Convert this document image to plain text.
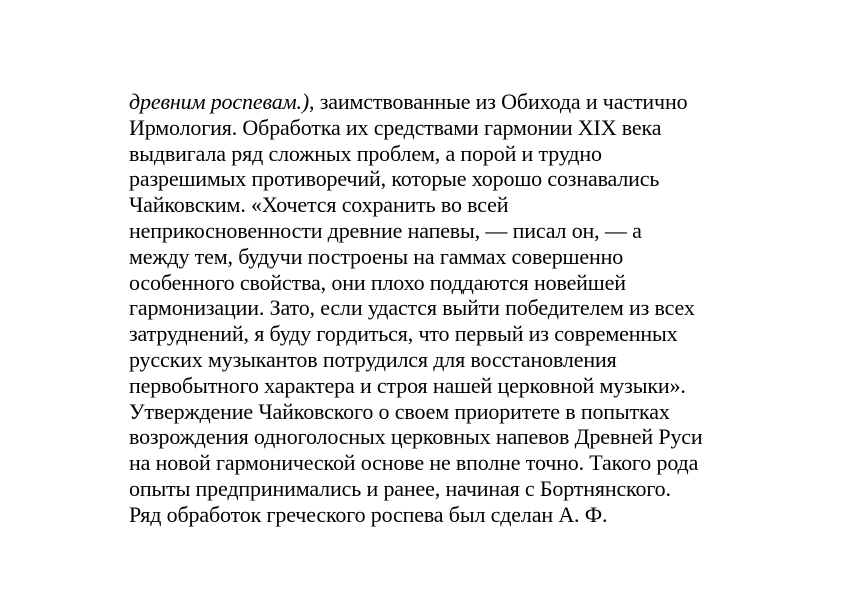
древним роспевам.), заимствованные из Обихода и частично
Ирмология. Обработка их средствами гармонии XIX века
выдвигала ряд сложных проблем, а порой и трудно
разрешимых противоречий, которые хорошо сознавались
Чайковским. «Хочется сохранить во всей
неприкосновенности древние напевы, — писал он, — а
между тем, будучи построены на гаммах совершенно
особенного свойства, они плохо поддаются новейшей
гармонизации. Зато, если удастся выйти победителем из всех
затруднений, я буду гордиться, что первый из современных
русских музыкантов потрудился для восстановления
первобытного характера и строя нашей церковной музыки».
Утверждение Чайковского о своем приоритете в попытках
возрождения одноголосных церковных напевов Древней Руси
на новой гармонической основе не вполне точно. Такого рода
опыты предпринимались и ранее, начиная с Бортнянского.
Ряд обработок греческого роспева был сделан А. Ф.
